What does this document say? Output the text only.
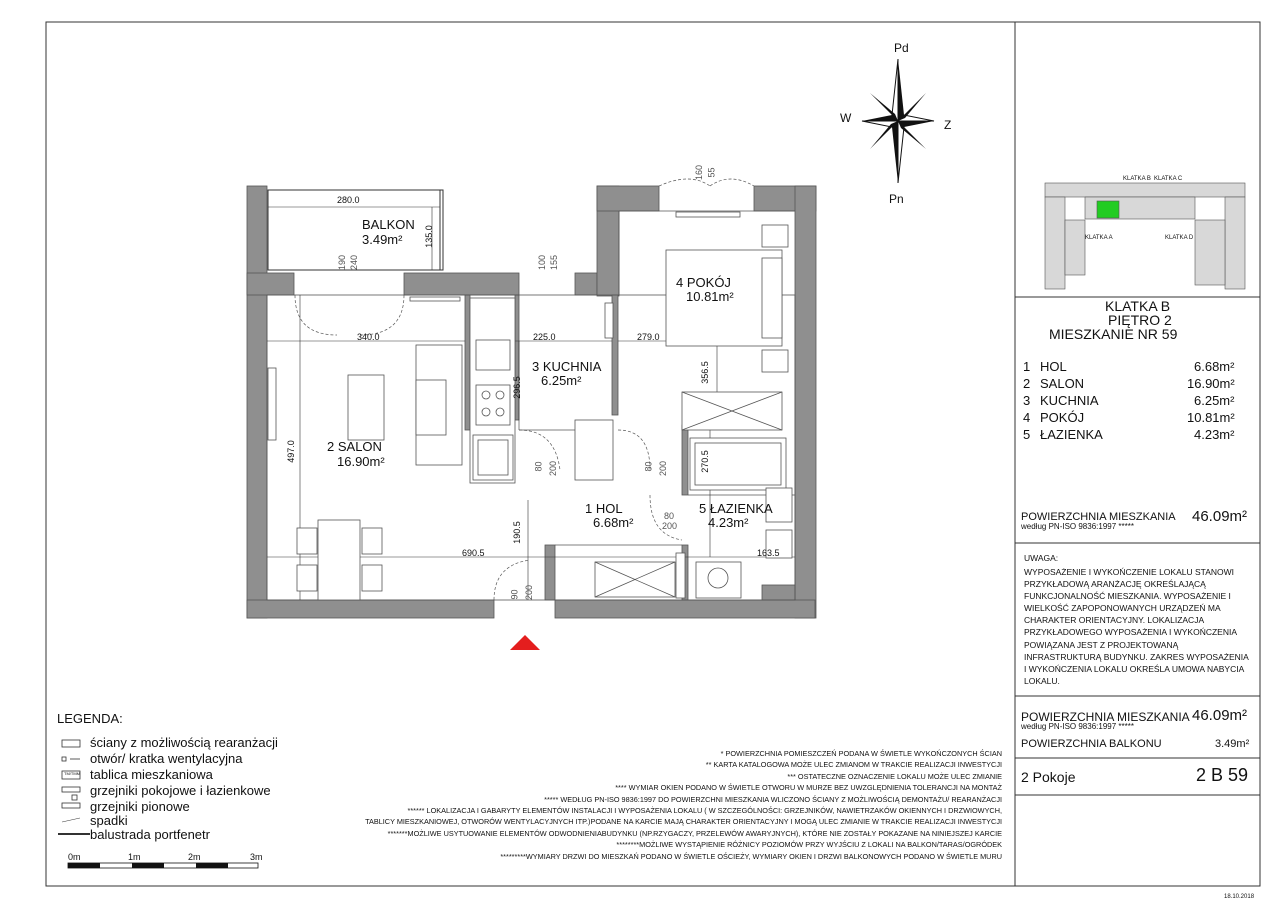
Pd
Pn
W	Z
BALKON
3.49m²
2 SALON
16.90m²
3 KUCHNIA
6.25m²
4 POKÓJ
10.81m²
1 HOL
6.68m²
5 ŁAZIENKA
4.23m²
280.0
135.0
340.0	225.0	279.0
497.0
296.5
356.5
270.5
190.5
690.5	163.5
190 240	100 155
160 55
80 200	80 200
80
200
90 200
KLATKA B KLATKA C
KLATKA A	KLATKA D
KLATKA B
PIĘTRO 2
MIESZKANIE NR 59
1 HOL	6.68m²
2 SALON	16.90m²
3 KUCHNIA	6.25m²
4 POKÓJ	10.81m²
5 ŁAZIENKA	4.23m²
POWIERZCHNIA MIESZKANIA
według PN-ISO 9836:1997 *****
46.09m²
UWAGA:
WYPOSAŻENIE I WYKOŃCZENIE LOKALU STANOWI
PRZYKŁADOWĄ ARANŻACJĘ OKREŚLAJĄCĄ
FUNKCJONALNOŚĆ MIESZKANIA. WYPOSAŻENIE I
WIELKOŚĆ ZAPOPONOWANYCH URZĄDZEŃ MA
CHARAKTER ORIENTACYJNY. LOKALIZACJA
PRZYKŁADOWEGO WYPOSAŻENIA I WYKOŃCZENIA
POWIĄZANA JEST Z PROJEKTOWANĄ
INFRASTRUKTURĄ BUDYNKU. ZAKRES WYPOSAŻENIA
I WYKOŃCZENIA LOKALU OKREŚLA UMOWA NABYCIA
LOKALU.
POWIERZCHNIA MIESZKANIA
według PN-ISO 9836:1997 *****
46.09m²
POWIERZCHNIA BALKONU	3.49m²
2 Pokoje	2 B 59
LEGENDA:
TM/TMM
ściany z możliwością rearanżacji
otwór/ kratka wentylacyjna
tablica mieszkaniowa
grzejniki pokojowe i łazienkowe
grzejniki pionowe
spadki
balustrada portfenetr
0m	1m	2m	3m
* POWIERZCHNIA POMIESZCZEŃ PODANA W ŚWIETLE WYKOŃCZONYCH ŚCIAN
** KARTA KATALOGOWA MOŻE ULEC ZMIANOM W TRAKCIE REALIZACJI INWESTYCJI
*** OSTATECZNE OZNACZENIE LOKALU MOŻE ULEC ZMIANIE
**** WYMIAR OKIEN PODANO W ŚWIETLE OTWORU W MURZE BEZ UWZGLĘDNIENIA TOLERANCJI NA MONTAŻ
***** WEDŁUG PN-ISO 9836:1997 DO POWIERZCHNI MIESZKANIA WLICZONO ŚCIANY Z MOŻLIWOŚCIĄ DEMONTAŻU/ REARANŻACJI
****** LOKALIZACJA I GABARYTY ELEMENTÓW INSTALACJI I WYPOSAŻENIA LOKALU ( W SZCZEGÓLNOŚCI: GRZEJNIKÓW, NAWIETRZAKÓW OKIENNYCH I DRZWIOWYCH,
TABLICY MIESZKANIOWEJ, OTWORÓW WENTYLACYJNYCH ITP.)PODANE NA KARCIE MAJĄ CHARAKTER ORIENTACYJNY I MOGĄ ULEC ZMIANIE W TRAKCIE REALIZACJI INWESTYCJI
*******MOŻLIWE USYTUOWANIE ELEMENTÓW ODWODNIENIABUDYNKU (NP.RZYGACZY, PRZELEWÓW AWARYJNYCH), KTÓRE NIE ZOSTAŁY POKAZANE NA NINIEJSZEJ KARCIE
********MOŻLIWE WYSTĄPIENIE RÓŻNICY POZIOMÓW PRZY WYJŚCIU Z LOKALI NA BALKON/TARAS/OGRÓDEK
*********WYMIARY DRZWI DO MIESZKAŃ PODANO W ŚWIETLE OŚCIEŻY, WYMIARY OKIEN I DRZWI BALKONOWYCH PODANO W ŚWIETLE MURU
18.10.2018
